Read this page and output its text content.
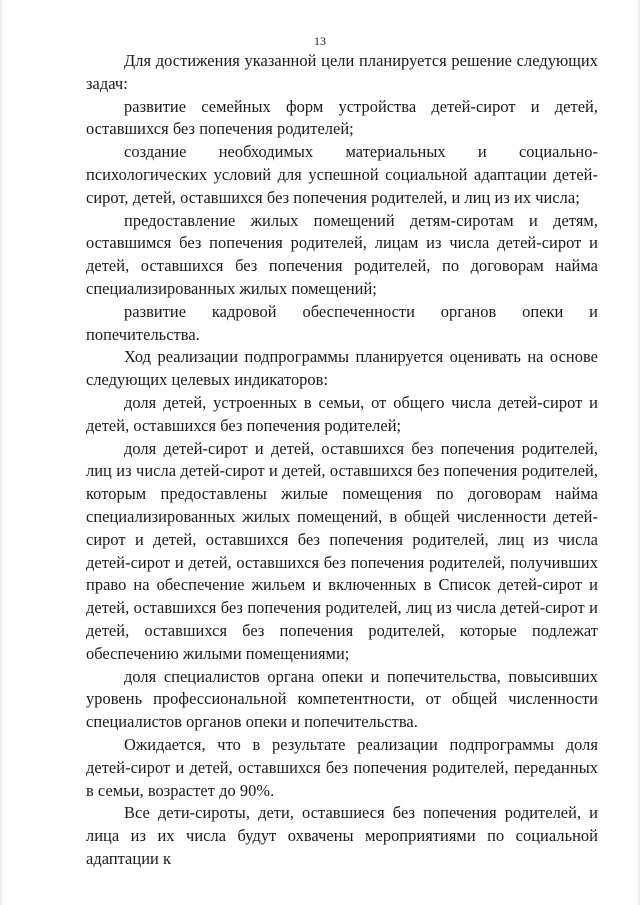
13

Для достижения указанной цели планируется решение следующих задач:

развитие семейных форм устройства детей-сирот и детей, оставшихся без попечения родителей;

создание необходимых материальных и социально-психологических условий для успешной социальной адаптации детей-сирот, детей, оставшихся без попечения родителей, и лиц из их числа;

предоставление жилых помещений детям-сиротам и детям, оставшимся без попечения родителей, лицам из числа детей-сирот и детей, оставшихся без попечения родителей, по договорам найма специализированных жилых помещений;

развитие кадровой обеспеченности органов опеки и попечительства.

Ход реализации подпрограммы планируется оценивать на основе следующих целевых индикаторов:

доля детей, устроенных в семьи, от общего числа детей-сирот и детей, оставшихся без попечения родителей;

доля детей-сирот и детей, оставшихся без попечения родителей, лиц из числа детей-сирот и детей, оставшихся без попечения родителей, которым предоставлены жилые помещения по договорам найма специализированных жилых помещений, в общей численности детей-сирот и детей, оставшихся без попечения родителей, лиц из числа детей-сирот и детей, оставшихся без попечения родителей, получивших право на обеспечение жильем и включенных в Список детей-сирот и детей, оставшихся без попечения родителей, лиц из числа детей-сирот и детей, оставшихся без попечения родителей, которые подлежат обеспечению жилыми помещениями;

доля специалистов органа опеки и попечительства, повысивших уровень профессиональной компетентности, от общей численности специалистов органов опеки и попечительства.

Ожидается, что в результате реализации подпрограммы доля детей-сирот и детей, оставшихся без попечения родителей, переданных в семьи, возрастет до 90%.

Все дети-сироты, дети, оставшиеся без попечения родителей, и лица из их числа будут охвачены мероприятиями по социальной адаптации к
